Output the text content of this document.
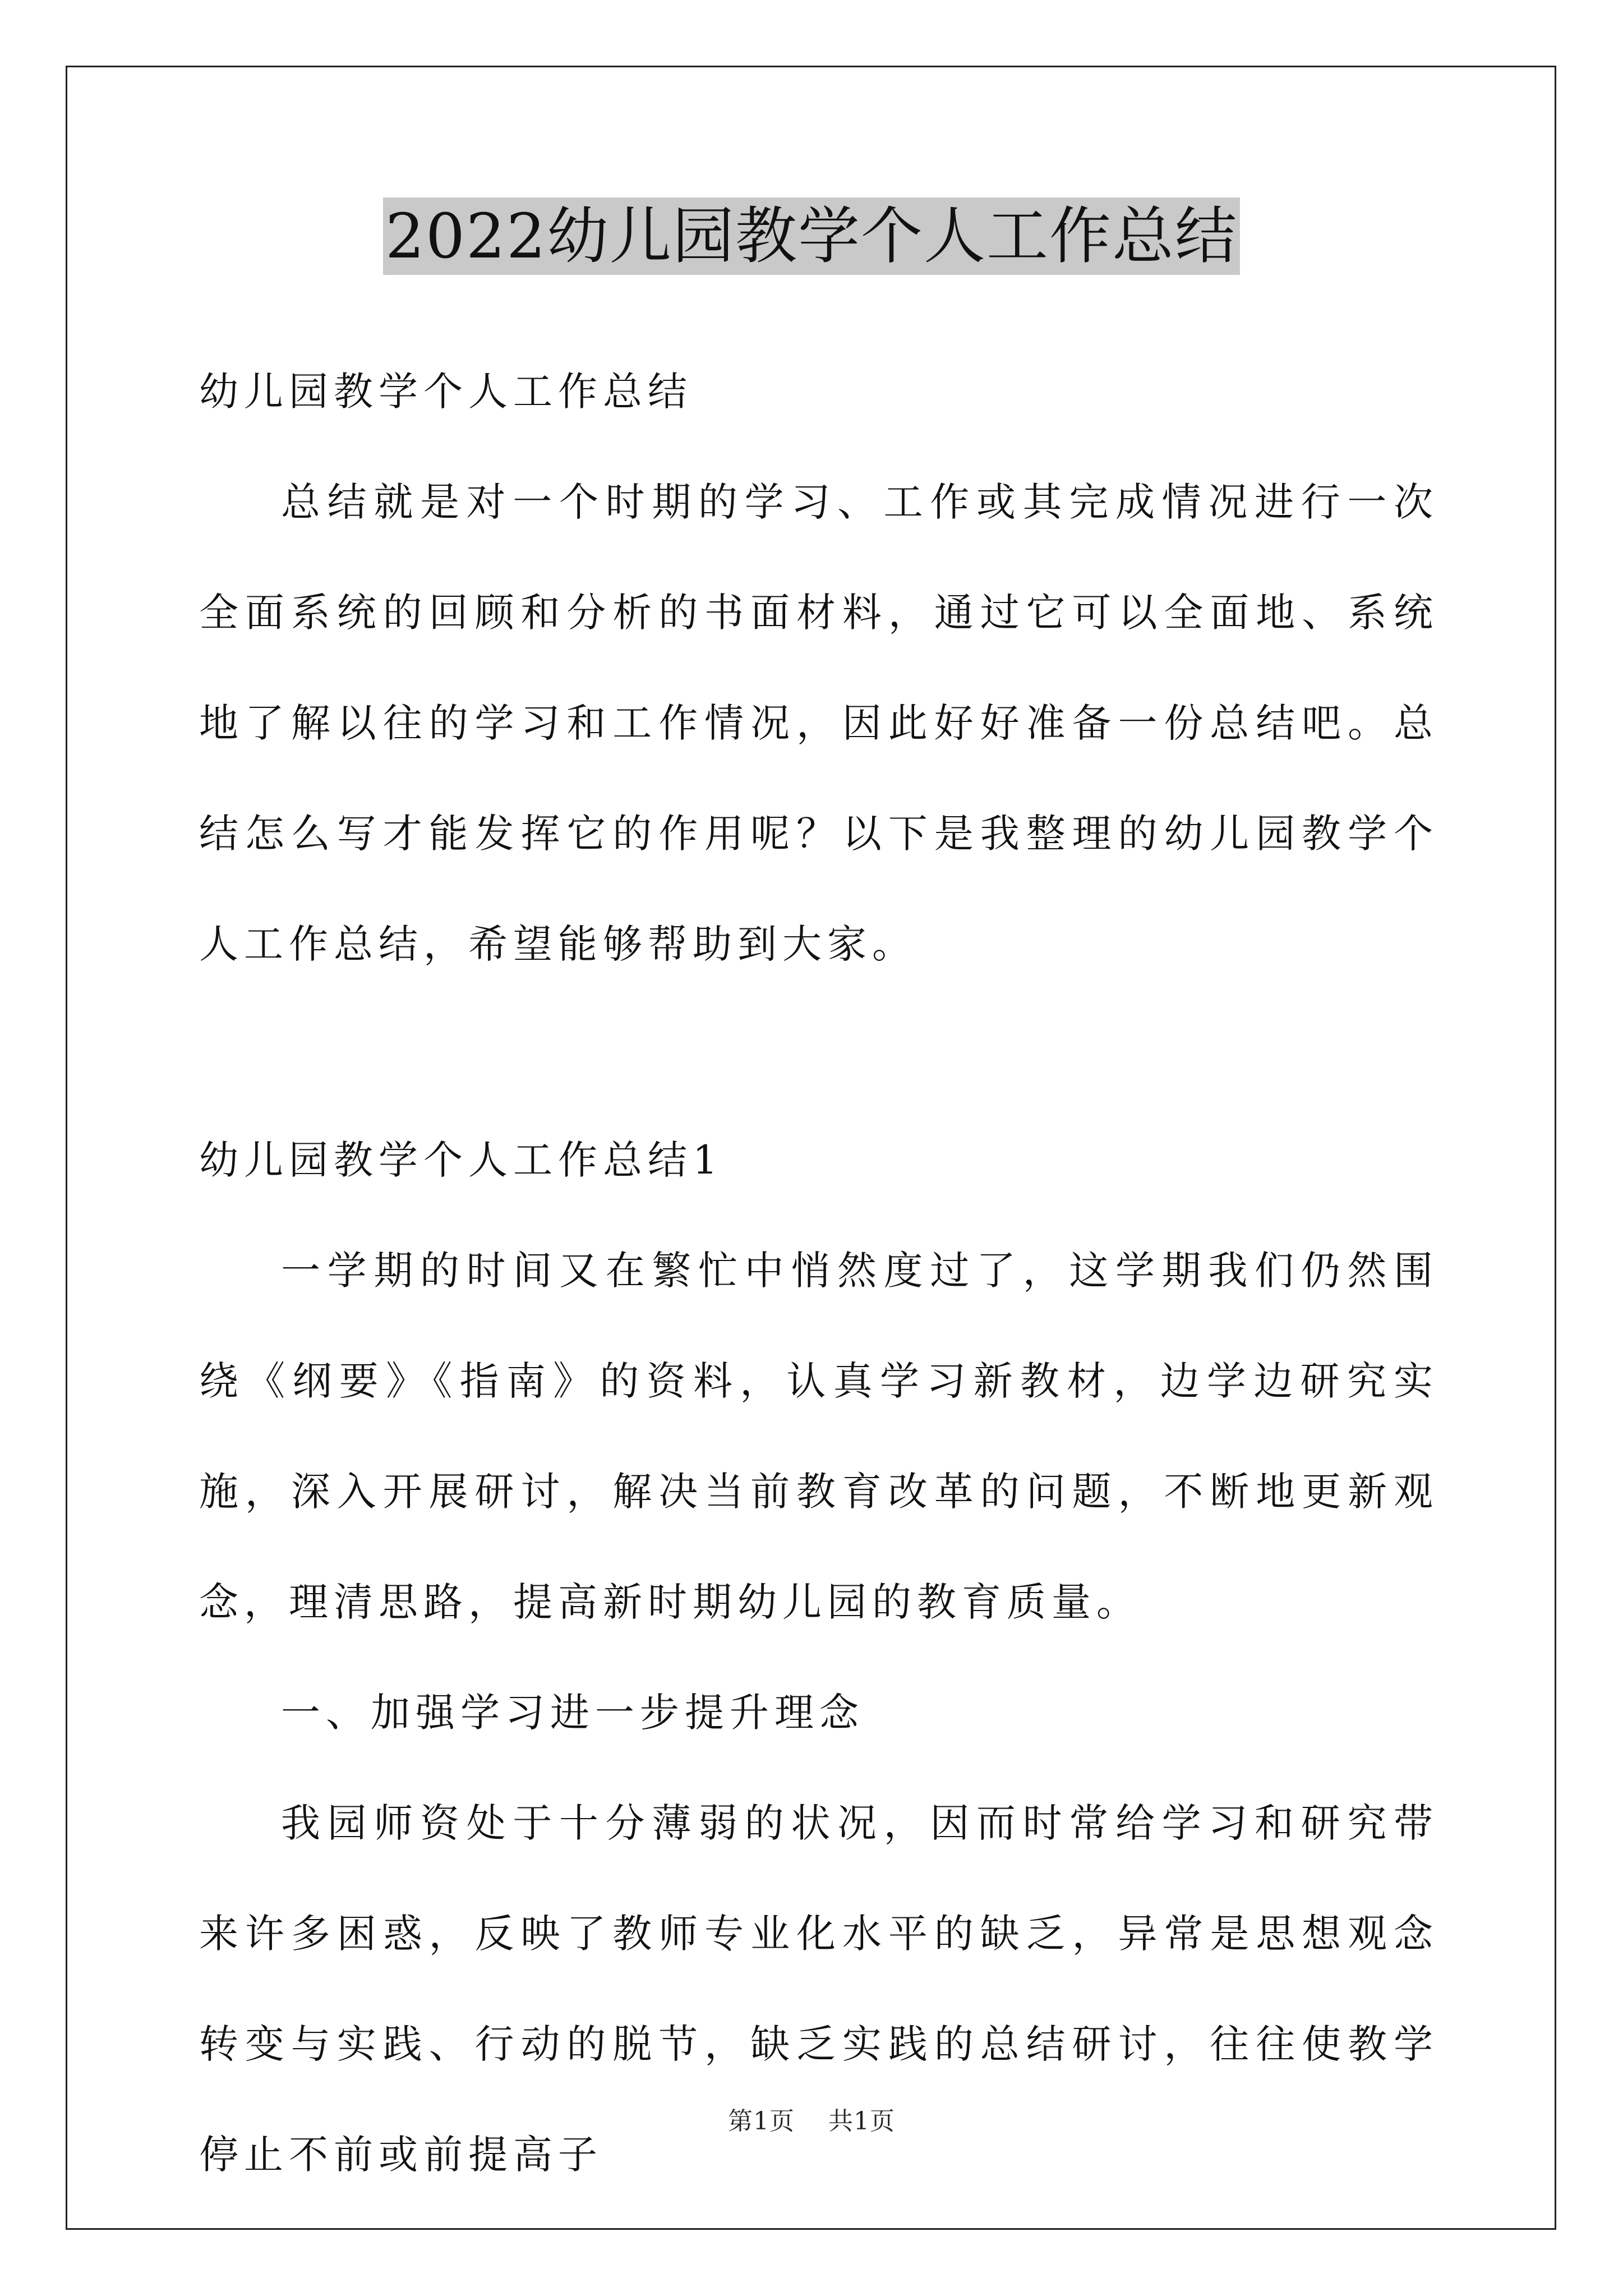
2022幼儿园教学个人工作总结

幼儿园教学个人工作总结

总结就是对一个时期的学习、工作或其完成情况进行一次全面系统的回顾和分析的书面材料，通过它可以全面地、系统地了解以往的学习和工作情况，因此好好准备一份总结吧。总结怎么写才能发挥它的作用呢？以下是我整理的幼儿园教学个人工作总结，希望能够帮助到大家。

幼儿园教学个人工作总结1

一学期的时间又在繁忙中悄然度过了，这学期我们仍然围绕《纲要》《指南》的资料，认真学习新教材，边学边研究实施，深入开展研讨，解决当前教育改革的问题，不断地更新观念，理清思路，提高新时期幼儿园的教育质量。

一、加强学习进一步提升理念

我园师资处于十分薄弱的状况，因而时常给学习和研究带来许多困惑，反映了教师专业化水平的缺乏，异常是思想观念转变与实践、行动的脱节，缺乏实践的总结研讨，往往使教学停止不前或前提高子

第1页 共1页
